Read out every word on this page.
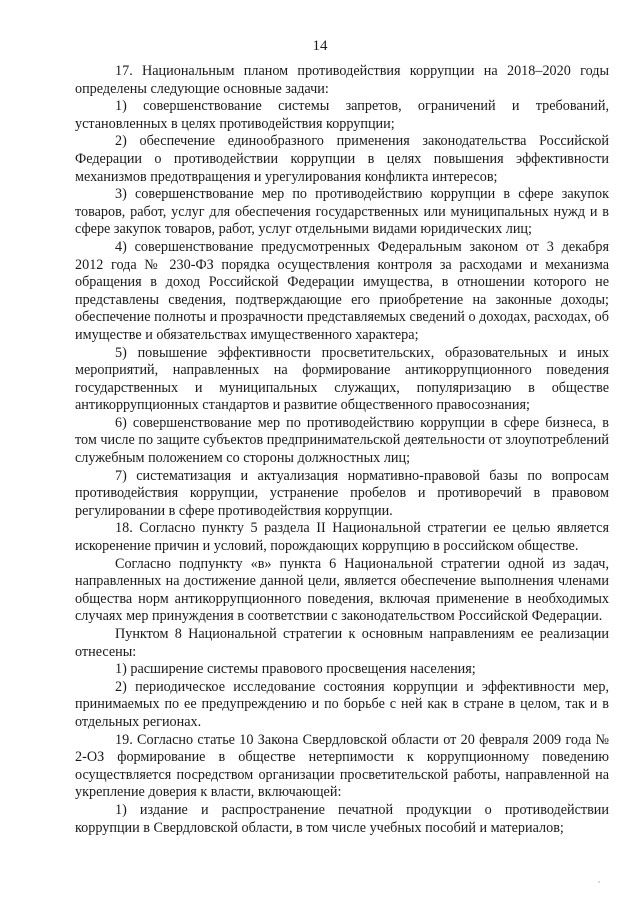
14

17. Национальным планом противодействия коррупции на 2018–2020 годы определены следующие основные задачи:

1) совершенствование системы запретов, ограничений и требований, установленных в целях противодействия коррупции;

2) обеспечение единообразного применения законодательства Российской Федерации о противодействии коррупции в целях повышения эффективности механизмов предотвращения и урегулирования конфликта интересов;

3) совершенствование мер по противодействию коррупции в сфере закупок товаров, работ, услуг для обеспечения государственных или муниципальных нужд и в сфере закупок товаров, работ, услуг отдельными видами юридических лиц;

4) совершенствование предусмотренных Федеральным законом от 3 декабря 2012 года № 230-ФЗ порядка осуществления контроля за расходами и механизма обращения в доход Российской Федерации имущества, в отношении которого не представлены сведения, подтверждающие его приобретение на законные доходы; обеспечение полноты и прозрачности представляемых сведений о доходах, расходах, об имуществе и обязательствах имущественного характера;

5) повышение эффективности просветительских, образовательных и иных мероприятий, направленных на формирование антикоррупционного поведения государственных и муниципальных служащих, популяризацию в обществе антикоррупционных стандартов и развитие общественного правосознания;

6) совершенствование мер по противодействию коррупции в сфере бизнеса, в том числе по защите субъектов предпринимательской деятельности от злоупотреблений служебным положением со стороны должностных лиц;

7) систематизация и актуализация нормативно-правовой базы по вопросам противодействия коррупции, устранение пробелов и противоречий в правовом регулировании в сфере противодействия коррупции.

18. Согласно пункту 5 раздела II Национальной стратегии ее целью является искоренение причин и условий, порождающих коррупцию в российском обществе.

Согласно подпункту «в» пункта 6 Национальной стратегии одной из задач, направленных на достижение данной цели, является обеспечение выполнения членами общества норм антикоррупционного поведения, включая применение в необходимых случаях мер принуждения в соответствии с законодательством Российской Федерации.

Пунктом 8 Национальной стратегии к основным направлениям ее реализации отнесены:

1) расширение системы правового просвещения населения;

2) периодическое исследование состояния коррупции и эффективности мер, принимаемых по ее предупреждению и по борьбе с ней как в стране в целом, так и в отдельных регионах.

19. Согласно статье 10 Закона Свердловской области от 20 февраля 2009 года № 2-ОЗ формирование в обществе нетерпимости к коррупционному поведению осуществляется посредством организации просветительской работы, направленной на укрепление доверия к власти, включающей:

1) издание и распространение печатной продукции о противодействии коррупции в Свердловской области, в том числе учебных пособий и материалов;
